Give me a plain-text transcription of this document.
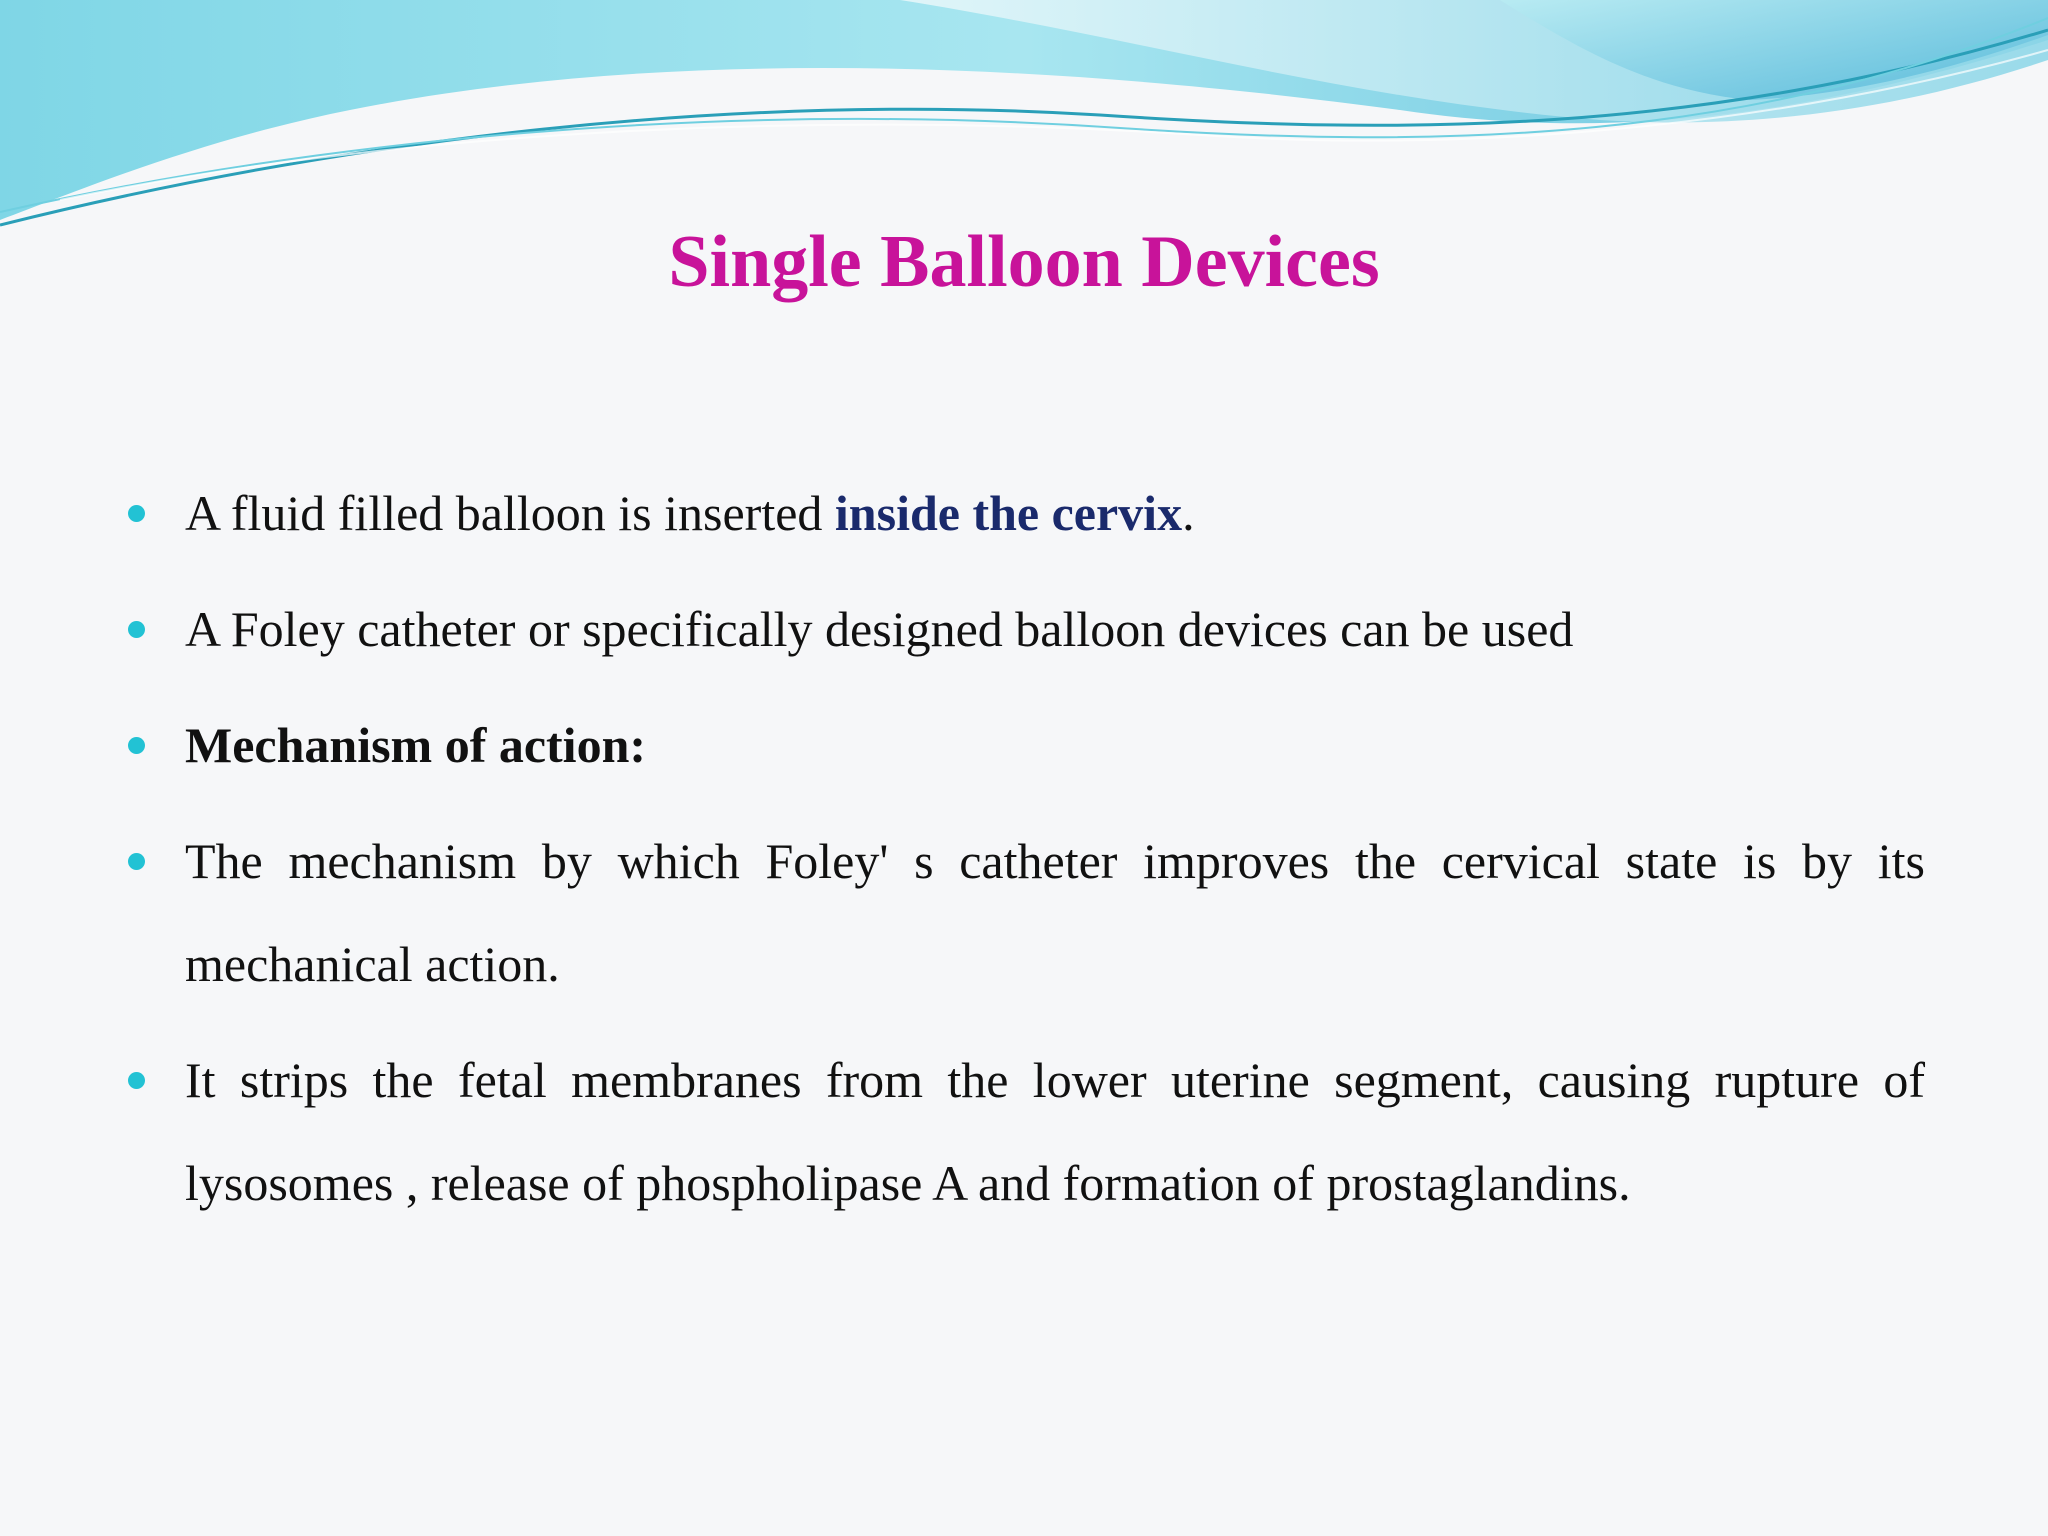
Single Balloon Devices
A fluid filled balloon is inserted inside the cervix.
A Foley catheter or specifically designed balloon devices can be used
Mechanism of action:
The mechanism by which Foley' s catheter improves the cervical state is by its mechanical action.
It strips the fetal membranes from the lower uterine segment, causing rupture of lysosomes , release of phospholipase A and formation of prostaglandins.
